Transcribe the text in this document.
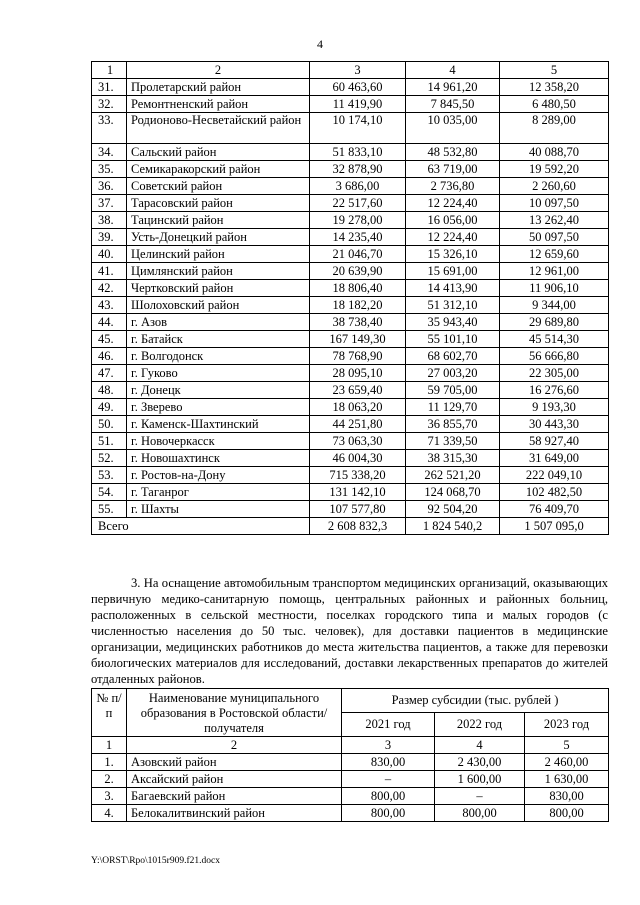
4
1	2	3	4	5
31.	Пролетарский район	60 463,60	14 961,20	12 358,20
32.	Ремонтненский район	11 419,90	7 845,50	6 480,50
33.	Родионово-Несветайский район	10 174,10	10 035,00	8 289,00
34.	Сальский район	51 833,10	48 532,80	40 088,70
35.	Семикаракорский район	32 878,90	63 719,00	19 592,20
36.	Советский район	3 686,00	2 736,80	2 260,60
37.	Тарасовский район	22 517,60	12 224,40	10 097,50
38.	Тацинский район	19 278,00	16 056,00	13 262,40
39.	Усть-Донецкий район	14 235,40	12 224,40	50 097,50
40.	Целинский район	21 046,70	15 326,10	12 659,60
41.	Цимлянский район	20 639,90	15 691,00	12 961,00
42.	Чертковский район	18 806,40	14 413,90	11 906,10
43.	Шолоховский район	18 182,20	51 312,10	9 344,00
44.	г. Азов	38 738,40	35 943,40	29 689,80
45.	г. Батайск	167 149,30	55 101,10	45 514,30
46.	г. Волгодонск	78 768,90	68 602,70	56 666,80
47.	г. Гуково	28 095,10	27 003,20	22 305,00
48.	г. Донецк	23 659,40	59 705,00	16 276,60
49.	г. Зверево	18 063,20	11 129,70	9 193,30
50.	г. Каменск-Шахтинский	44 251,80	36 855,70	30 443,30
51.	г. Новочеркасск	73 063,30	71 339,50	58 927,40
52.	г. Новошахтинск	46 004,30	38 315,30	31 649,00
53.	г. Ростов-на-Дону	715 338,20	262 521,20	222 049,10
54.	г. Таганрог	131 142,10	124 068,70	102 482,50
55.	г. Шахты	107 577,80	92 504,20	76 409,70
Всего		2 608 832,3	1 824 540,2	1 507 095,0

3. На оснащение автомобильным транспортом медицинских организаций, оказывающих первичную медико-санитарную помощь, центральных районных и районных больниц, расположенных в сельской местности, поселках городского типа и малых городов (с численностью населения до 50 тыс. человек), для доставки пациентов в медицинские организации, медицинских работников до места жительства пациентов, а также для перевозки биологических материалов для исследований, доставки лекарственных препаратов до жителей отдаленных районов.

№ п/п	Наименование муниципального образования в Ростовской области/получателя	Размер субсидии (тыс. рублей )		
		2021 год	2022 год	2023 год
1	2	3	4	5
1.	Азовский район	830,00	2 430,00	2 460,00
2.	Аксайский район	–	1 600,00	1 630,00
3.	Багаевский район	800,00	–	830,00
4.	Белокалитвинский район	800,00	800,00	800,00
Y:\ORST\Rpo\1015r909.f21.docx
